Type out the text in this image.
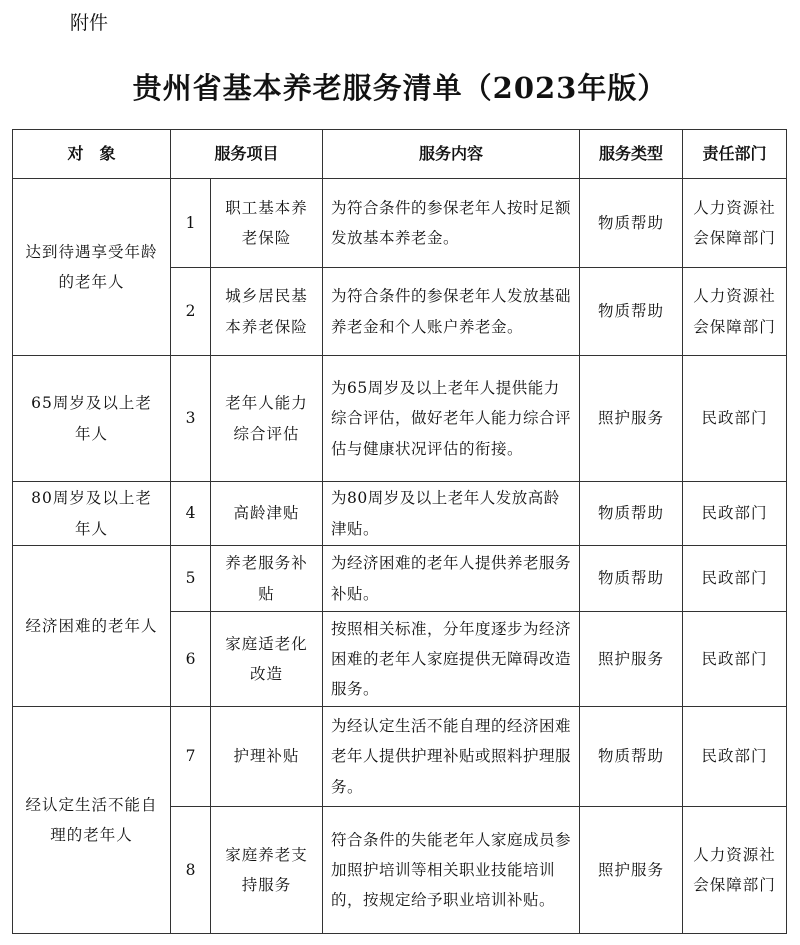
附件
贵州省基本养老服务清单（2023年版）
对　象	服务项目		服务内容	服务类型	责任部门
达到待遇享受年龄的老年人	1	职工基本养老保险	为符合条件的参保老年人按时足额发放基本养老金。	物质帮助	人力资源社会保障部门
	2	城乡居民基本养老保险	为符合条件的参保老年人发放基础养老金和个人账户养老金。	物质帮助	人力资源社会保障部门
65周岁及以上老年人	3	老年人能力综合评估	为65周岁及以上老年人提供能力综合评估，做好老年人能力综合评估与健康状况评估的衔接。	照护服务	民政部门
80周岁及以上老年人	4	高龄津贴	为80周岁及以上老年人发放高龄津贴。	物质帮助	民政部门
经济困难的老年人	5	养老服务补贴	为经济困难的老年人提供养老服务补贴。	物质帮助	民政部门
	6	家庭适老化改造	按照相关标准，分年度逐步为经济困难的老年人家庭提供无障碍改造服务。	照护服务	民政部门
经认定生活不能自理的老年人	7	护理补贴	为经认定生活不能自理的经济困难老年人提供护理补贴或照料护理服务。	物质帮助	民政部门
	8	家庭养老支持服务	符合条件的失能老年人家庭成员参加照护培训等相关职业技能培训的，按规定给予职业培训补贴。	照护服务	人力资源社会保障部门
